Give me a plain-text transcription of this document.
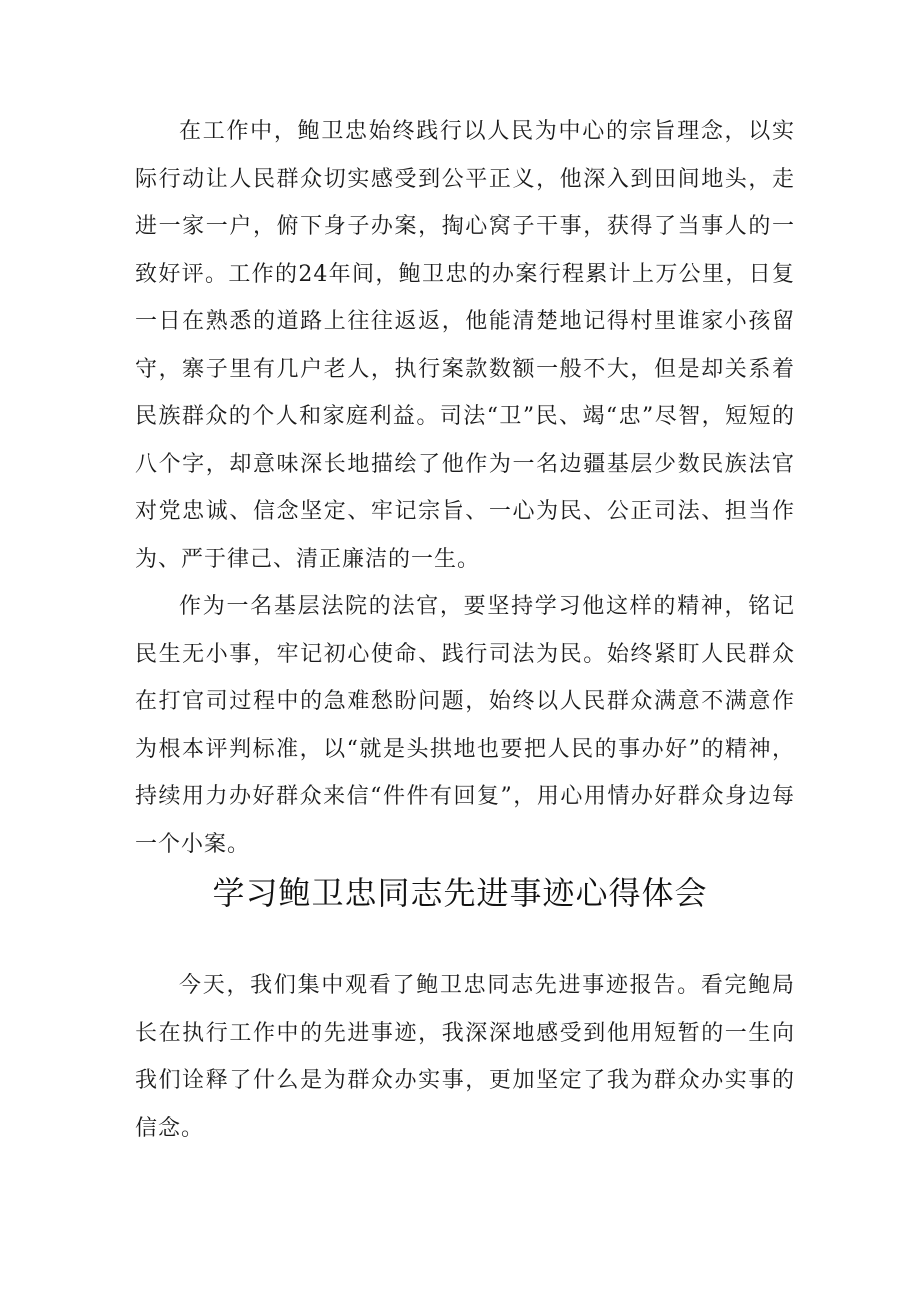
在工作中，鲍卫忠始终践行以人民为中心的宗旨理念，以实际行动让人民群众切实感受到公平正义，他深入到田间地头，走进一家一户，俯下身子办案，掏心窝子干事，获得了当事人的一致好评。工作的24年间，鲍卫忠的办案行程累计上万公里，日复一日在熟悉的道路上往往返返，他能清楚地记得村里谁家小孩留守，寨子里有几户老人，执行案款数额一般不大，但是却关系着民族群众的个人和家庭利益。司法“卫”民、竭“忠”尽智，短短的八个字，却意味深长地描绘了他作为一名边疆基层少数民族法官对党忠诚、信念坚定、牢记宗旨、一心为民、公正司法、担当作为、严于律己、清正廉洁的一生。

作为一名基层法院的法官，要坚持学习他这样的精神，铭记民生无小事，牢记初心使命、践行司法为民。始终紧盯人民群众在打官司过程中的急难愁盼问题，始终以人民群众满意不满意作为根本评判标准，以“就是头拱地也要把人民的事办好”的精神，持续用力办好群众来信“件件有回复”，用心用情办好群众身边每一个小案。

学习鲍卫忠同志先进事迹心得体会

今天，我们集中观看了鲍卫忠同志先进事迹报告。看完鲍局长在执行工作中的先进事迹，我深深地感受到他用短暂的一生向我们诠释了什么是为群众办实事，更加坚定了我为群众办实事的信念。
